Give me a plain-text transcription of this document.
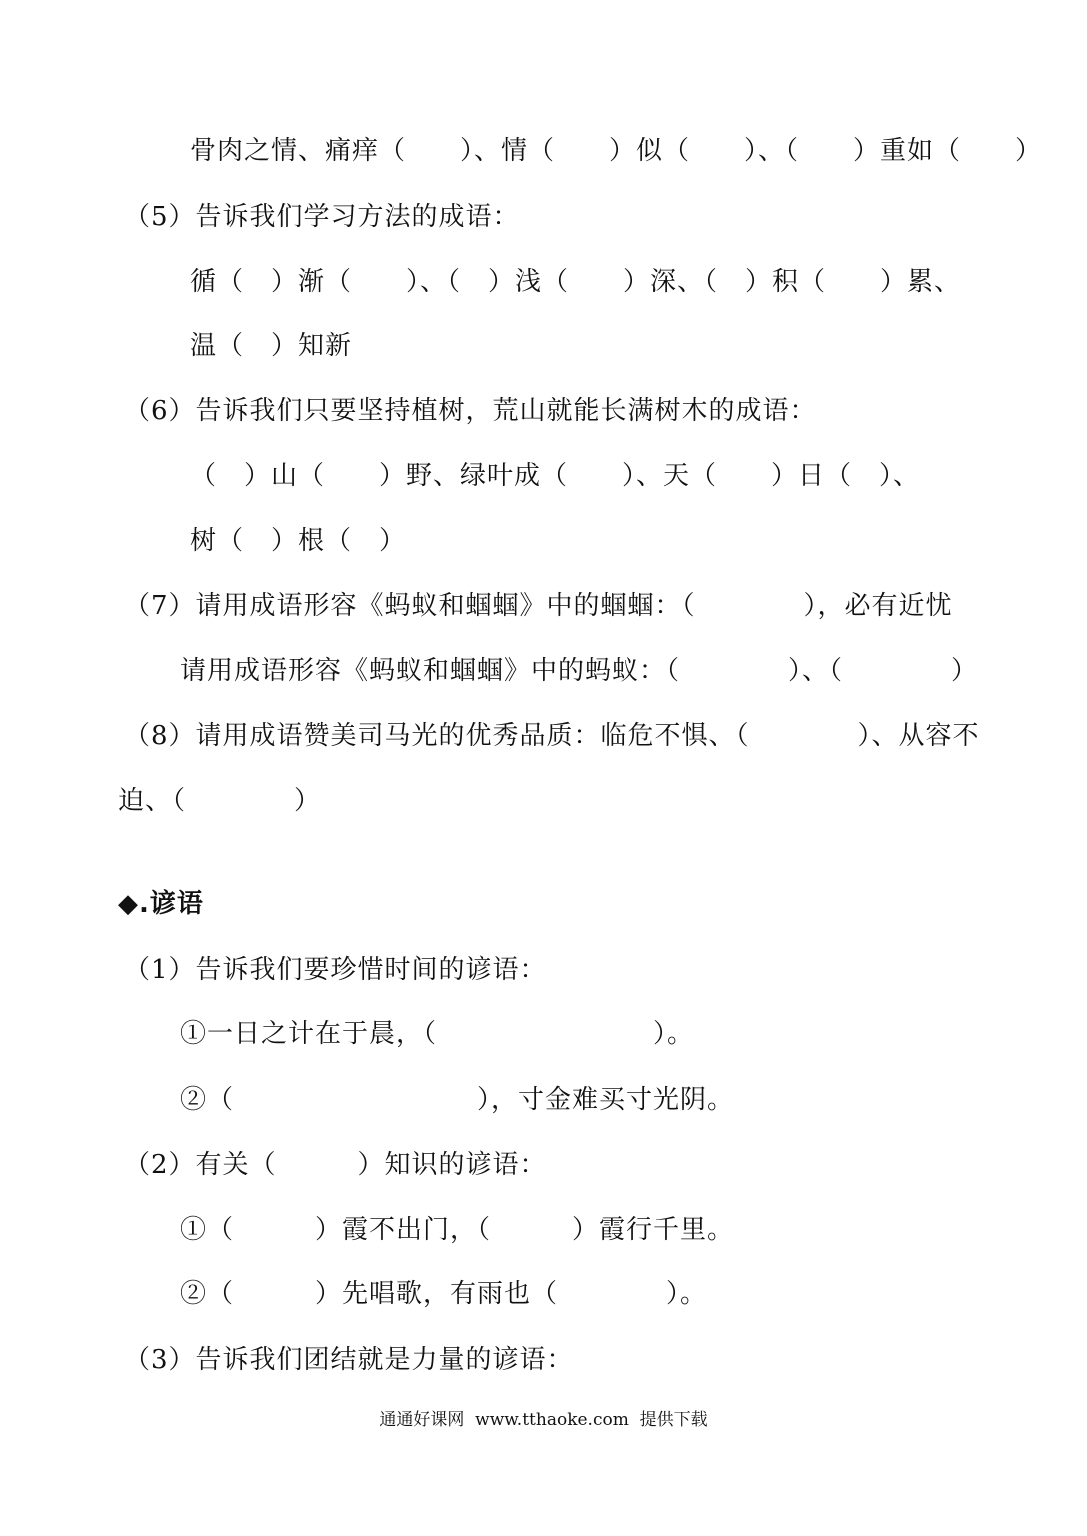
骨肉之情、痛痒（　　）、情（　　）似（　　）、（　　）重如（　　）
（5）告诉我们学习方法的成语：
循（　）渐（　　）、（　）浅（　　）深、（　）积（　　）累、
温（　）知新
（6）告诉我们只要坚持植树，荒山就能长满树木的成语：
（　）山（　　）野、绿叶成（　　）、天（　　）日（　）、
树（　）根（　）
（7）请用成语形容《蚂蚁和蝈蝈》中的蝈蝈：（　　　　），必有近忧
请用成语形容《蚂蚁和蝈蝈》中的蚂蚁：（　　　　）、（　　　　）
（8）请用成语赞美司马光的优秀品质：临危不惧、（　　　　）、从容不
迫、（　　　　）
◆.谚语
（1）告诉我们要珍惜时间的谚语：
①一日之计在于晨，（　　　　　　　　）。
②（　　　　　　　　　），寸金难买寸光阴。
（2）有关（　　　）知识的谚语：
①（　　　）霞不出门，（　　　）霞行千里。
②（　　　）先唱歌，有雨也（　　　　）。
（3）告诉我们团结就是力量的谚语：
通通好课网  www.tthaoke.com  提供下载
